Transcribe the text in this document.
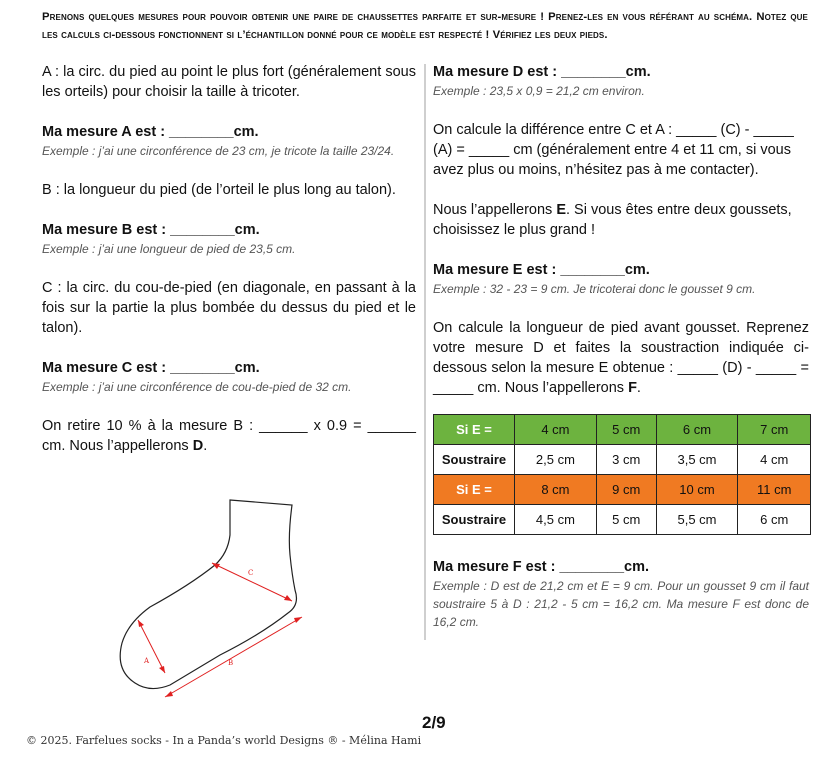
Prenons quelques mesures pour pouvoir obtenir une paire de chaussettes parfaite et sur-mesure ! Prenez-les en vous référant au schéma. Notez que les calculs ci-dessous fonctionnent si l’échantillon donné pour ce modèle est respecté ! Vérifiez les deux pieds.

A : la circ. du pied au point le plus fort (généralement sous les orteils) pour choisir la taille à tricoter.

Ma mesure A est : ________cm.

Exemple : j’ai une circonférence de 23 cm, je tricote la taille 23/24.

B : la longueur du pied (de l’orteil le plus long au talon).

Ma mesure B est : ________cm.

Exemple : j’ai une longueur de pied de 23,5 cm.

C : la circ. du cou-de-pied (en diagonale, en passant à la fois sur la partie la plus bombée du dessus du pied et le talon).

Ma mesure C est : ________cm.

Exemple : j’ai une circonférence de cou-de-pied de 32 cm.

On retire 10 % à la mesure B : ______ x 0.9 = ______ cm. Nous l’appellerons D.

Ma mesure D est : ________cm.

Exemple : 23,5 x 0,9 = 21,2 cm environ.

On calcule la différence entre C et A : _____ (C) - _____ (A) = _____ cm (généralement entre 4 et 11 cm, si vous avez plus ou moins, n’hésitez pas à me contacter).

Nous l’appellerons E. Si vous êtes entre deux goussets, choisissez le plus grand !

Ma mesure E est : ________cm.

Exemple : 32 - 23 = 9 cm. Je tricoterai donc le gousset 9 cm.

On calcule la longueur de pied avant gousset. Reprenez votre mesure D et faites la soustraction indiquée ci-dessous selon la mesure E obtenue : _____ (D) - _____ = _____ cm. Nous l’appellerons F.

Si E =	4 cm	5 cm	6 cm	7 cm
Soustraire	2,5 cm	3 cm	3,5 cm	4 cm
Si E =	8 cm	9 cm	10 cm	11 cm
Soustraire	4,5 cm	5 cm	5,5 cm	6 cm

Ma mesure F est : ________cm.

Exemple : D est de 21,2 cm et E = 9 cm. Pour un gousset 9 cm il faut soustraire 5 à D : 21,2 - 5 cm = 16,2 cm. Ma mesure F est donc de 16,2 cm.

C
A	B
2/9
© 2025. Farfelues socks - In a Panda’s world Designs ® - Mélina Hami
